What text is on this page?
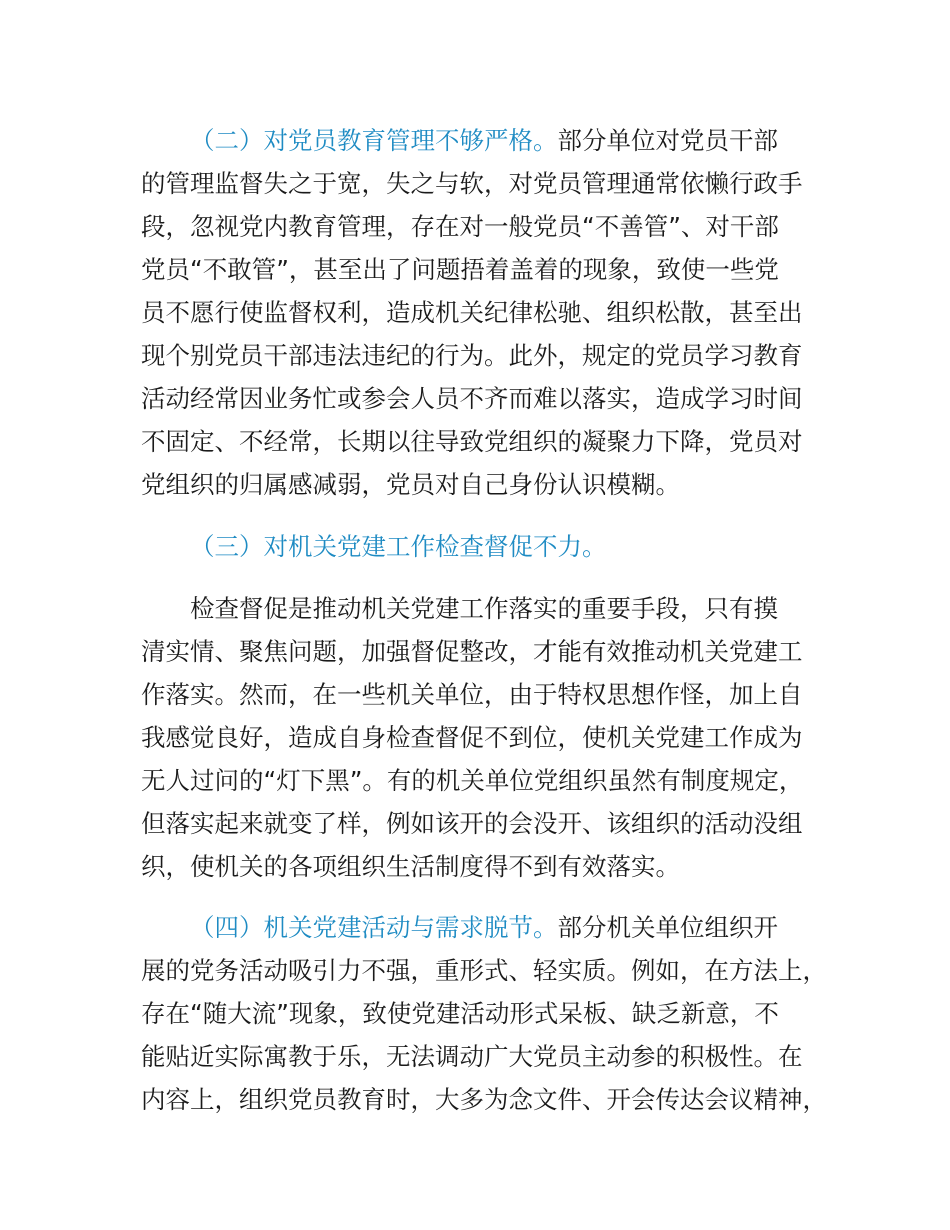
（二）对党员教育管理不够严格。部分单位对党员干部
的管理监督失之于宽，失之与软，对党员管理通常依懒行政手
段，忽视党内教育管理，存在对一般党员“不善管”、对干部
党员“不敢管”，甚至出了问题捂着盖着的现象，致使一些党
员不愿行使监督权利，造成机关纪律松驰、组织松散，甚至出
现个别党员干部违法违纪的行为。此外，规定的党员学习教育
活动经常因业务忙或参会人员不齐而难以落实，造成学习时间
不固定、不经常，长期以往导致党组织的凝聚力下降，党员对
党组织的归属感减弱，党员对自己身份认识模糊。
（三）对机关党建工作检查督促不力。
检查督促是推动机关党建工作落实的重要手段，只有摸
清实情、聚焦问题，加强督促整改，才能有效推动机关党建工
作落实。然而，在一些机关单位，由于特权思想作怪，加上自
我感觉良好，造成自身检查督促不到位，使机关党建工作成为
无人过问的“灯下黑”。有的机关单位党组织虽然有制度规定，
但落实起来就变了样，例如该开的会没开、该组织的活动没组
织，使机关的各项组织生活制度得不到有效落实。
（四）机关党建活动与需求脱节。部分机关单位组织开
展的党务活动吸引力不强，重形式、轻实质。例如，在方法上，
存在“随大流”现象，致使党建活动形式呆板、缺乏新意，不
能贴近实际寓教于乐，无法调动广大党员主动参的积极性。在
内容上，组织党员教育时，大多为念文件、开会传达会议精神，
